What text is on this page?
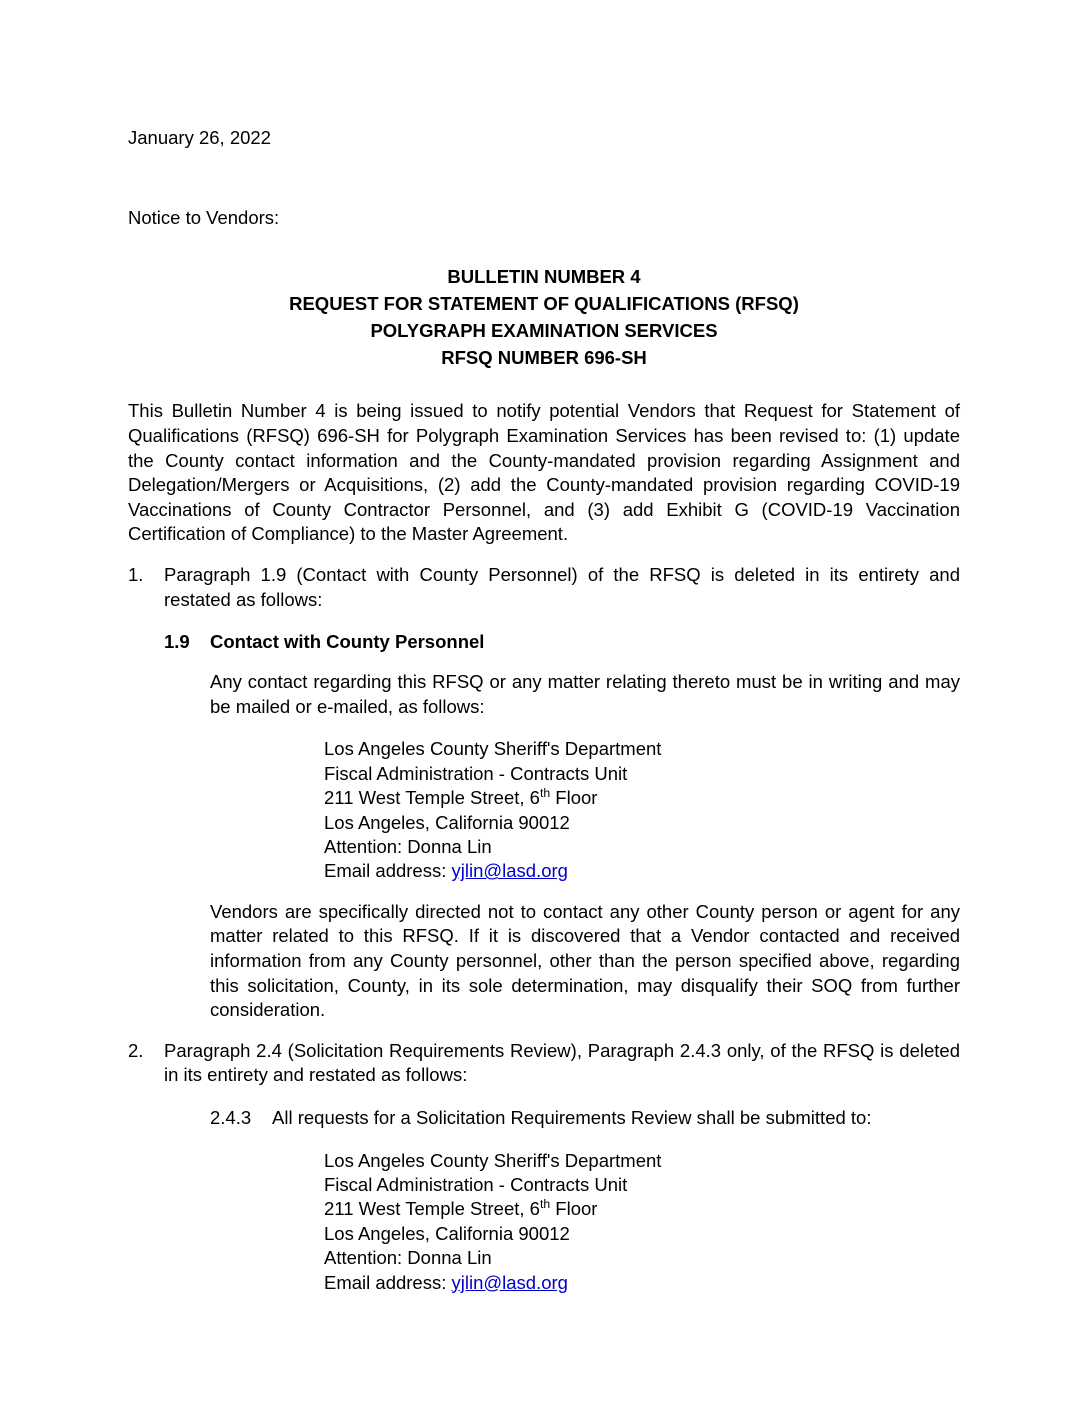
January 26, 2022
Notice to Vendors:
BULLETIN NUMBER 4
REQUEST FOR STATEMENT OF QUALIFICATIONS (RFSQ)
POLYGRAPH EXAMINATION SERVICES
RFSQ NUMBER 696-SH

This Bulletin Number 4 is being issued to notify potential Vendors that Request for Statement of Qualifications (RFSQ) 696-SH for Polygraph Examination Services has been revised to: (1) update the County contact information and the County-mandated provision regarding Assignment and Delegation/Mergers or Acquisitions, (2) add the County-mandated provision regarding COVID-19 Vaccinations of County Contractor Personnel, and (3) add Exhibit G (COVID-19 Vaccination Certification of Compliance) to the Master Agreement.

1. Paragraph 1.9 (Contact with County Personnel) of the RFSQ is deleted in its entirety and restated as follows:
1.9 Contact with County Personnel

Any contact regarding this RFSQ or any matter relating thereto must be in writing and may be mailed or e-mailed, as follows:

Los Angeles County Sheriff's Department
Fiscal Administration - Contracts Unit
211 West Temple Street, 6th Floor
Los Angeles, California 90012
Attention: Donna Lin
Email address: yjlin@lasd.org

Vendors are specifically directed not to contact any other County person or agent for any matter related to this RFSQ. If it is discovered that a Vendor contacted and received information from any County personnel, other than the person specified above, regarding this solicitation, County, in its sole determination, may disqualify their SOQ from further consideration.

2. Paragraph 2.4 (Solicitation Requirements Review), Paragraph 2.4.3 only, of the RFSQ is deleted in its entirety and restated as follows:
2.4.3 All requests for a Solicitation Requirements Review shall be submitted to:
Los Angeles County Sheriff's Department
Fiscal Administration - Contracts Unit
211 West Temple Street, 6th Floor
Los Angeles, California 90012
Attention: Donna Lin
Email address: yjlin@lasd.org
